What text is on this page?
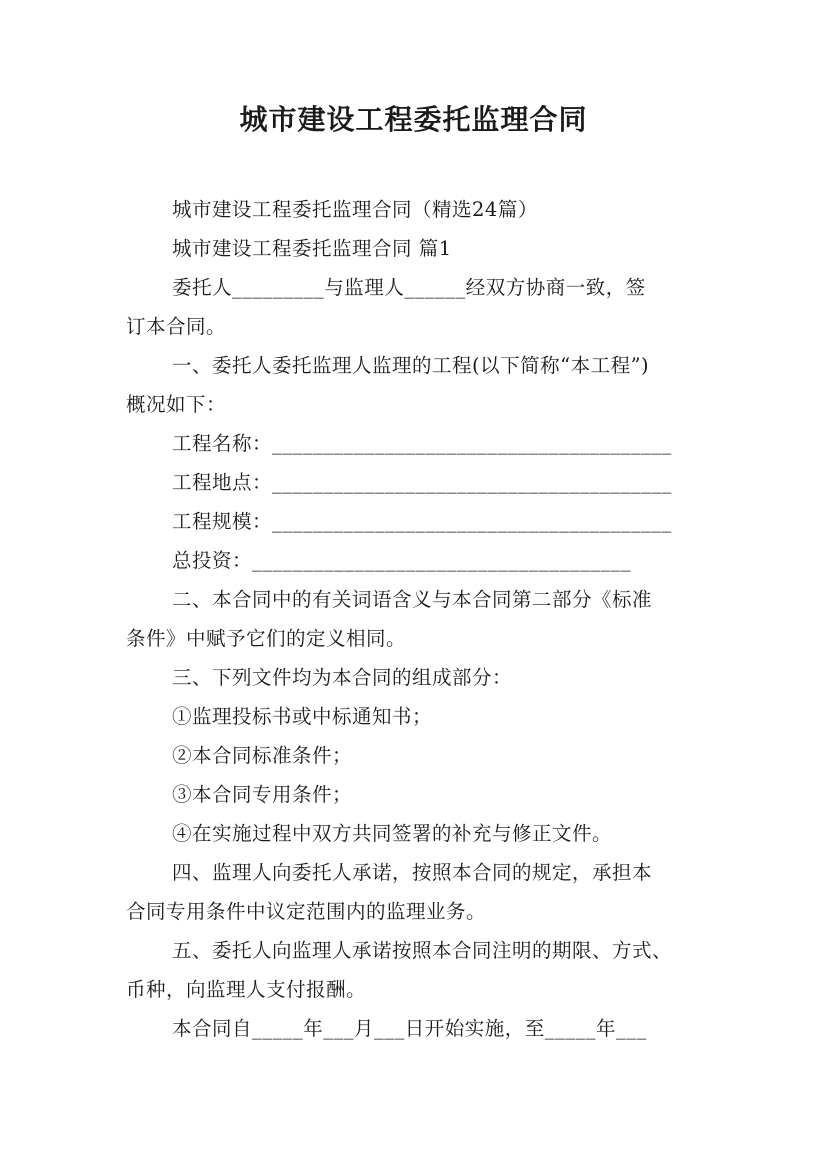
城市建设工程委托监理合同

城市建设工程委托监理合同（精选24篇）

城市建设工程委托监理合同 篇1

委托人_________与监理人______经双方协商一致，签

订本合同。

一、委托人委托监理人监理的工程(以下简称“本工程”)

概况如下：

工程名称：_______________________________________

工程地点：_______________________________________

工程规模：_______________________________________

总投资：_____________________________________

二、本合同中的有关词语含义与本合同第二部分《标准

条件》中赋予它们的定义相同。

三、下列文件均为本合同的组成部分：

①监理投标书或中标通知书；

②本合同标准条件；

③本合同专用条件；

④在实施过程中双方共同签署的补充与修正文件。

四、监理人向委托人承诺，按照本合同的规定，承担本

合同专用条件中议定范围内的监理业务。

五、委托人向监理人承诺按照本合同注明的期限、方式、

币种，向监理人支付报酬。

本合同自_____年___月___日开始实施，至_____年___
